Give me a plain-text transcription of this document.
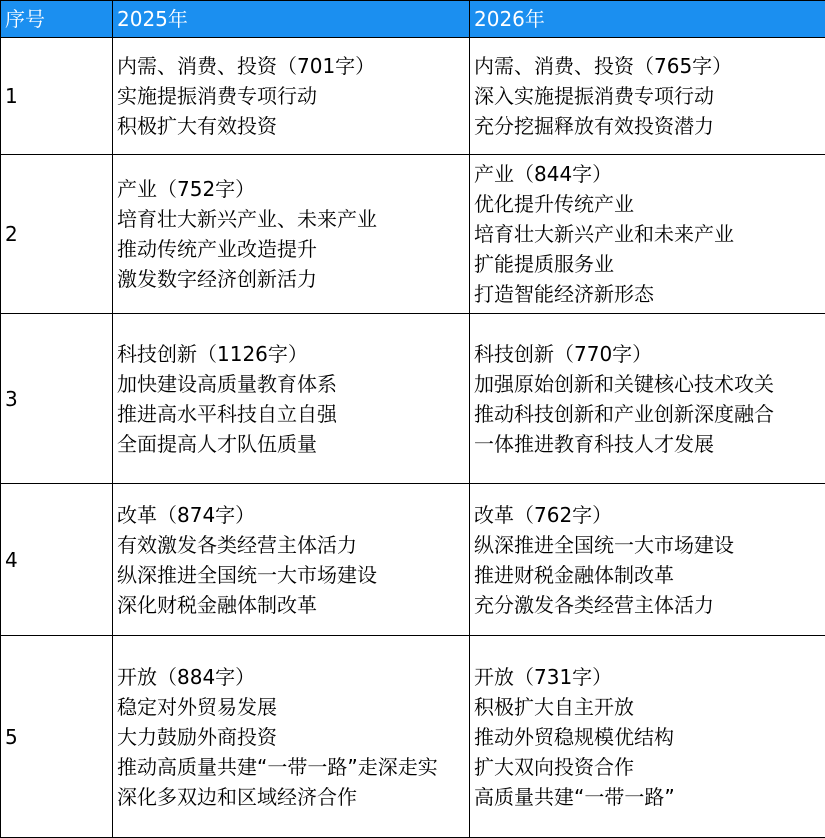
序号	2025年	2026年
1	内需、消费、投资（701字）
实施提振消费专项行动
积极扩大有效投资	内需、消费、投资（765字）
深入实施提振消费专项行动
充分挖掘释放有效投资潜力

2	产业（752字）
培育壮大新兴产业、未来产业
推动传统产业改造提升
激发数字经济创新活力	产业（844字）
优化提升传统产业
培育壮大新兴产业和未来产业
扩能提质服务业
打造智能经济新形态

3	科技创新（1126字）
加快建设高质量教育体系
推进高水平科技自立自强
全面提高人才队伍质量	科技创新（770字）
加强原始创新和关键核心技术攻关
推动科技创新和产业创新深度融合
一体推进教育科技人才发展

4	改革（874字）
有效激发各类经营主体活力
纵深推进全国统一大市场建设
深化财税金融体制改革	改革（762字）
纵深推进全国统一大市场建设
推进财税金融体制改革
充分激发各类经营主体活力

5	开放（884字）
稳定对外贸易发展
大力鼓励外商投资
推动高质量共建“一带一路”走深走实
深化多双边和区域经济合作	开放（731字）
积极扩大自主开放
推动外贸稳规模优结构
扩大双向投资合作
高质量共建“一带一路”
